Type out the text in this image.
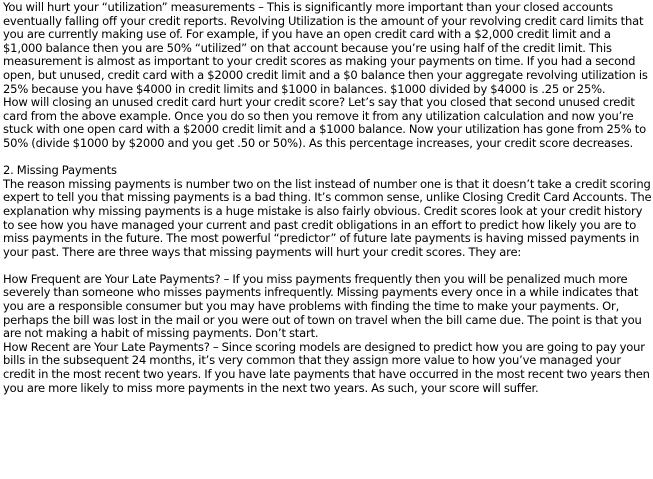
You will hurt your “utilization” measurements – This is significantly more important than your closed accounts eventually falling off your credit reports. Revolving Utilization is the amount of your revolving credit card limits that you are currently making use of. For example, if you have an open credit card with a $2,000 credit limit and a $1,000 balance then you are 50% “utilized” on that account because you’re using half of the credit limit. This measurement is almost as important to your credit scores as making your payments on time. If you had a second open, but unused, credit card with a $2000 credit limit and a $0 balance then your aggregate revolving utilization is 25% because you have $4000 in credit limits and $1000 in balances. $1000 divided by $4000 is .25 or 25%.

How will closing an unused credit card hurt your credit score? Let’s say that you closed that second unused credit card from the above example. Once you do so then you remove it from any utilization calculation and now you’re stuck with one open card with a $2000 credit limit and a $1000 balance. Now your utilization has gone from 25% to 50% (divide $1000 by $2000 and you get .50 or 50%). As this percentage increases, your credit score decreases.

2. Missing Payments

The reason missing payments is number two on the list instead of number one is that it doesn’t take a credit scoring expert to tell you that missing payments is a bad thing. It’s common sense, unlike Closing Credit Card Accounts. The explanation why missing payments is a huge mistake is also fairly obvious. Credit scores look at your credit history to see how you have managed your current and past credit obligations in an effort to predict how likely you are to miss payments in the future. The most powerful “predictor” of future late payments is having missed payments in your past. There are three ways that missing payments will hurt your credit scores. They are:

How Frequent are Your Late Payments? – If you miss payments frequently then you will be penalized much more severely than someone who misses payments infrequently. Missing payments every once in a while indicates that you are a responsible consumer but you may have problems with finding the time to make your payments. Or, perhaps the bill was lost in the mail or you were out of town on travel when the bill came due. The point is that you are not making a habit of missing payments. Don’t start.

How Recent are Your Late Payments? – Since scoring models are designed to predict how you are going to pay your bills in the subsequent 24 months, it’s very common that they assign more value to how you’ve managed your credit in the most recent two years. If you have late payments that have occurred in the most recent two years then you are more likely to miss more payments in the next two years. As such, your score will suffer.
